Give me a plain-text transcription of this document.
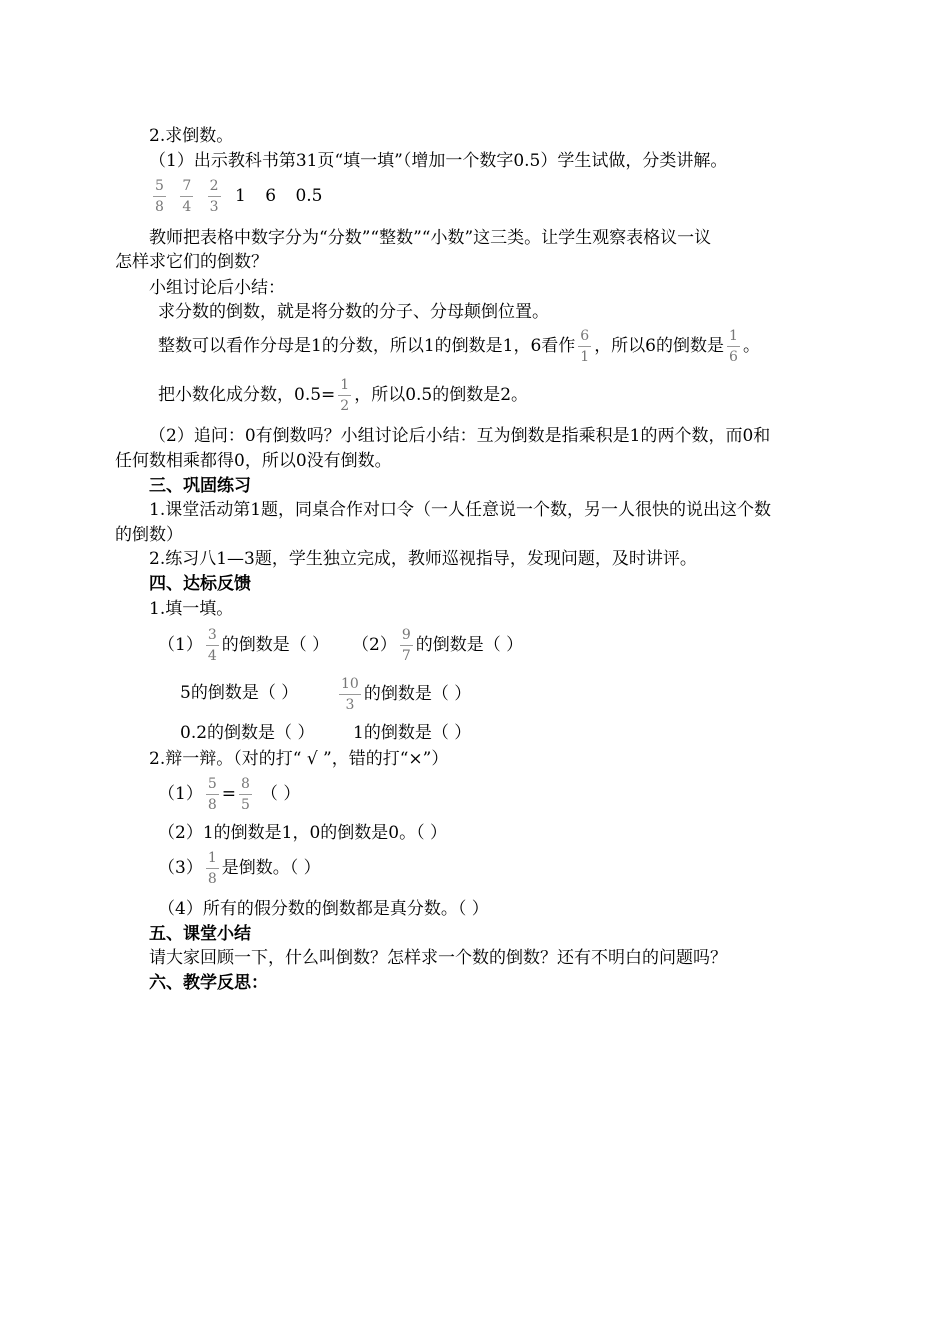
2.求倒数。
（1）出示教科书第31页“填一填”（增加一个数字0.5）学生试做，分类讲解。
$\frac{5}{8}$
$\frac{7}{4}$
$\frac{2}{3} 1$ 6 0.5
教师把表格中数字分为“分数”“整数”“小数”这三类。让学生观察表格议一议
怎样求它们的倒数？
小组讨论后小结：
求分数的倒数，就是将分数的分子、分母颠倒位置。
整数可以看作分母是1的分数，所以1的倒数是1，6看作 $\frac{6}{1}$ ，所以6的倒数是 $\frac{1}{6}$ 。
把小数化成分数，$0.5= \frac{1}{2}$ ，所以0.5的倒数是2。
（2）追问：0有倒数吗？小组讨论后小结：互为倒数是指乘积是1的两个数，而0和
任何数相乘都得0，所以0没有倒数。
三、巩固练习
1.课堂活动第1题，同桌合作对口令（一人任意说一个数，另一人很快的说出这个数
的倒数）
2.练习八1—3题，学生独立完成，教师巡视指导，发现问题，及时讲评。
四、达标反馈
1.填一填。
$(1) \frac{3}{4}$ 的倒数是（ ） $(2) \frac{9}{7}$ 的倒数是（ ）
5的倒数是（ ）	$\frac{10}{3}$ 的倒数是（ ）
0.2的倒数是（ ） 1的倒数是（ ）
2.辩一辩。（对的打“ √ ”，错的打“×”）
$(1) \frac{5}{8} = \frac{8}{5}$ （ ）
（2）1的倒数是1，0的倒数是0。（ ）
$(3) \frac{1}{8}$ 是倒数。（ ）
（4）所有的假分数的倒数都是真分数。（ ）
五、课堂小结
请大家回顾一下，什么叫倒数？怎样求一个数的倒数？还有不明白的问题吗？
六、教学反思：
